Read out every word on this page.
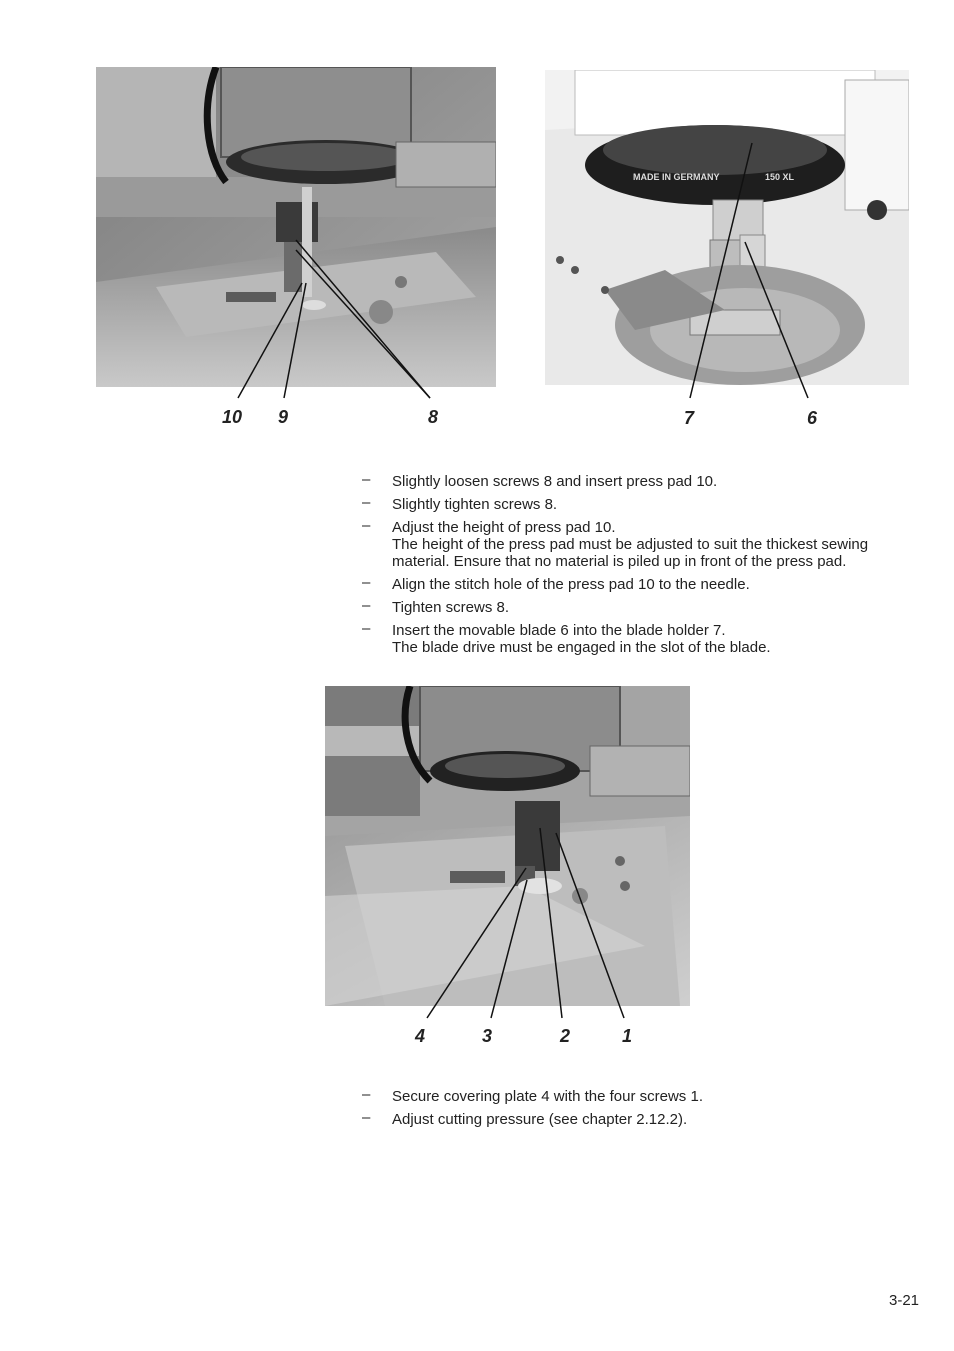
MADE IN GERMANY	150 XL
10 9	8	7	6
4	3	2	1
– Slightly loosen screws 8 and insert press pad 10.
– Slightly tighten screws 8.
– Adjust the height of press pad 10.
The height of the press pad must be adjusted to suit the thickest sewing material. Ensure that no material is piled up in front of the press pad.
– Align the stitch hole of the press pad 10 to the needle.
– Tighten screws 8.
– Insert the movable blade 6 into the blade holder 7.
The blade drive must be engaged in the slot of the blade.
– Secure covering plate 4 with the four screws 1.
– Adjust cutting pressure (see chapter 2.12.2).
3-21
